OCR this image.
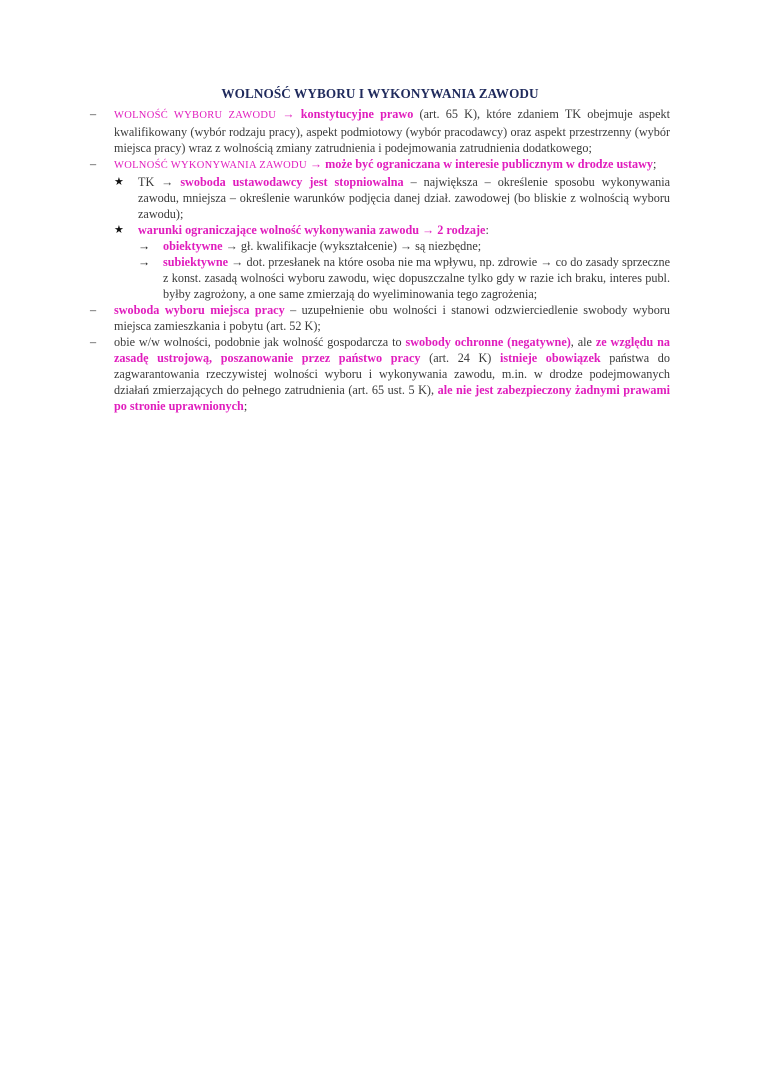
WOLNOŚĆ WYBORU I WYKONYWANIA ZAWODU
–	WOLNOŚĆ WYBORU ZAWODU → konstytucyjne prawo (art. 65 K), które zdaniem TK obejmuje aspekt kwalifikowany (wybór rodzaju pracy), aspekt podmiotowy (wybór pracodawcy) oraz aspekt przestrzenny (wybór miejsca pracy) wraz z wolnością zmiany zatrudnienia i podejmowania zatrudnienia dodatkowego;
–	WOLNOŚĆ WYKONYWANIA ZAWODU → może być ograniczana w interesie publicznym w drodze ustawy;
★ TK → swoboda ustawodawcy jest stopniowalna – największa – określenie sposobu wykonywania zawodu, mniejsza – określenie warunków podjęcia danej dział. zawodowej (bo bliskie z wolnością wyboru zawodu);
★ warunki ograniczające wolność wykonywania zawodu → 2 rodzaje:
→ obiektywne → gł. kwalifikacje (wykształcenie) → są niezbędne;
→ subiektywne → dot. przesłanek na które osoba nie ma wpływu, np. zdrowie → co do zasady sprzeczne z konst. zasadą wolności wyboru zawodu, więc dopuszczalne tylko gdy w razie ich braku, interes publ. byłby zagrożony, a one same zmierzają do wyeliminowania tego zagrożenia;
–	swoboda wyboru miejsca pracy – uzupełnienie obu wolności i stanowi odzwierciedlenie swobody wyboru miejsca zamieszkania i pobytu (art. 52 K);
–	obie w/w wolności, podobnie jak wolność gospodarcza to swobody ochronne (negatywne), ale ze względu na zasadę ustrojową, poszanowanie przez państwo pracy (art. 24 K) istnieje obowiązek państwa do zagwarantowania rzeczywistej wolności wyboru i wykonywania zawodu, m.in. w drodze podejmowanych działań zmierzających do pełnego zatrudnienia (art. 65 ust. 5 K), ale nie jest zabezpieczony żadnymi prawami po stronie uprawnionych;
